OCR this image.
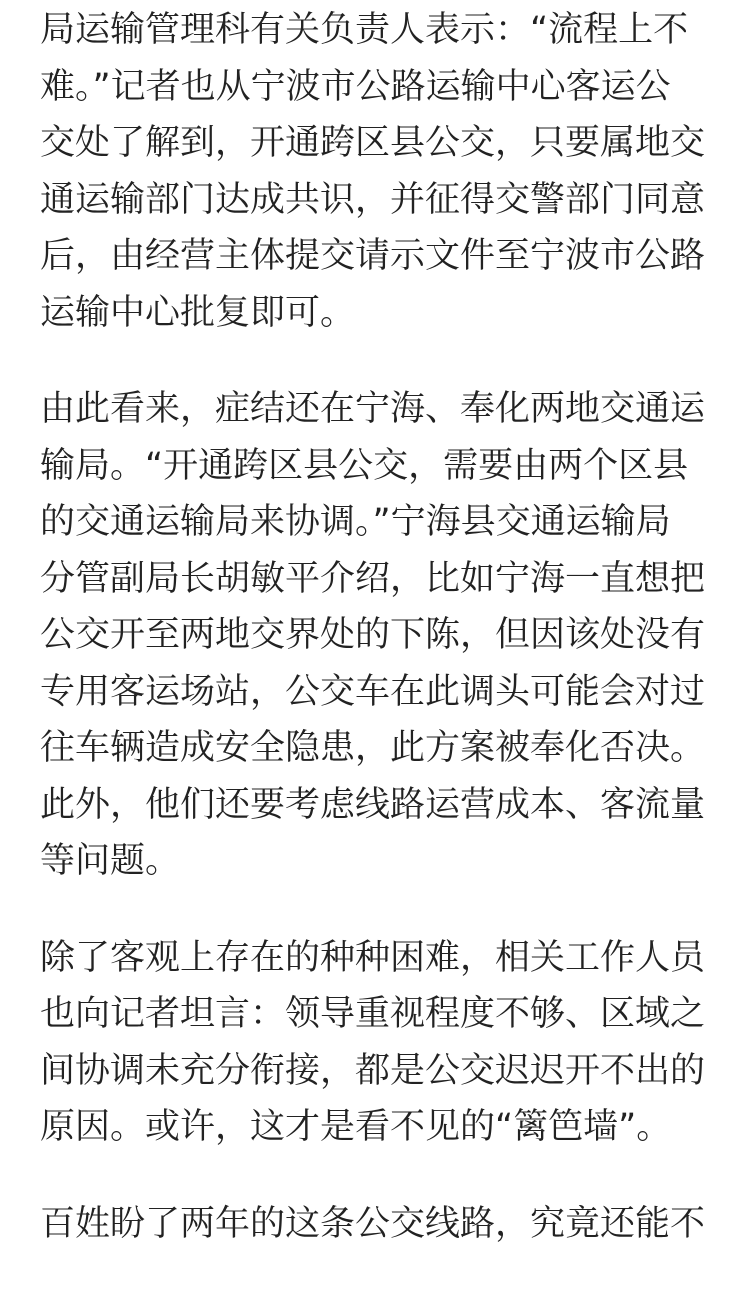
局运输管理科有关负责人表示：“流程上不
难。”记者也从宁波市公路运输中心客运公
交处了解到，开通跨区县公交，只要属地交
通运输部门达成共识，并征得交警部门同意
后，由经营主体提交请示文件至宁波市公路
运输中心批复即可。
由此看来，症结还在宁海、奉化两地交通运
输局。“开通跨区县公交，需要由两个区县
的交通运输局来协调。”宁海县交通运输局
分管副局长胡敏平介绍，比如宁海一直想把
公交开至两地交界处的下陈，但因该处没有
专用客运场站，公交车在此调头可能会对过
往车辆造成安全隐患，此方案被奉化否决。
此外，他们还要考虑线路运营成本、客流量
等问题。
除了客观上存在的种种困难，相关工作人员
也向记者坦言：领导重视程度不够、区域之
间协调未充分衔接，都是公交迟迟开不出的
原因。或许，这才是看不见的“篱笆墙”。
百姓盼了两年的这条公交线路，究竟还能不
